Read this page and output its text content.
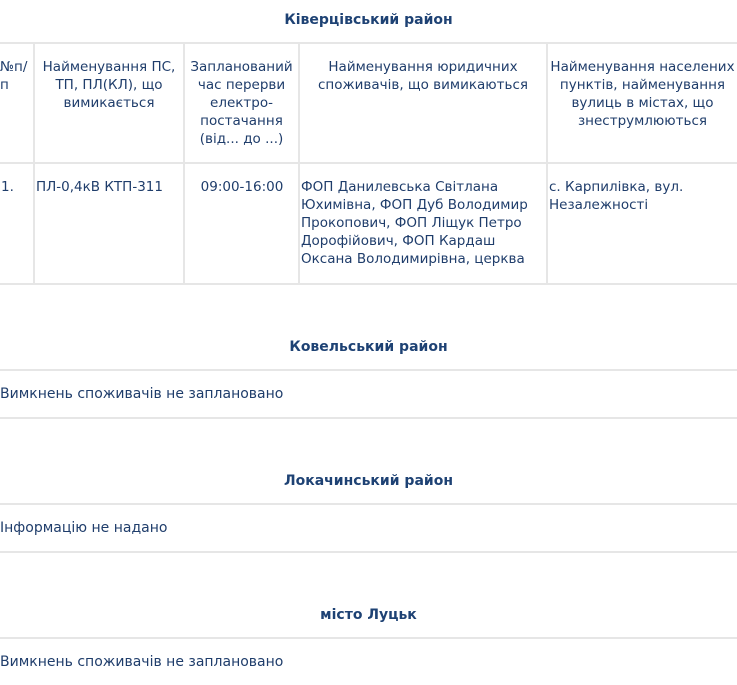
Ківерцівський район
№п/п	Найменування ПС, ТП, ПЛ(КЛ), що вимикається	Запланований час перерви електро-постачання (від... до ...)	Найменування юридичних споживачів, що вимикаються	Найменування населених пунктів, найменування вулиць в містах, що знеструмлюються
1.	ПЛ-0,4кВ КТП-311	09:00-16:00	ФОП Данилевська Світлана Юхимівна, ФОП Дуб Володимир Прокопович, ФОП Ліщук Петро Дорофійович, ФОП Кардаш Оксана Володимирівна, церква	с. Карпилівка, вул. Незалежності
Ковельський район
Вимкнень споживачів не заплановано
Локачинський район
Інформацію не надано
місто Луцьк
Вимкнень споживачів не заплановано
